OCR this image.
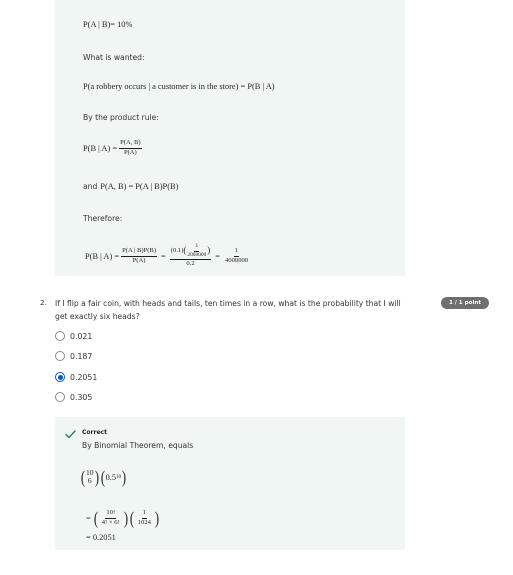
P(A | B)= 10%
What is wanted:
P(a robbery occurs | a customer is in the store) = P(B | A)
By the product rule:
P(B | $A) = \frac{P(A, B)}{P(A)}$
and P(A, B) = P(A | B)P(B)
Therefore:
P(B | $A) = \frac{P(A | B)P(B)}{P(A)}$ =
(0.1) ( $\frac{1}{2000000}$ )
0.2
= $\frac{1}{4000000}$
2. If I flip a fair coin, with heads and tails, ten times in a row, what is the probability that I will get exactly six heads?
1 / 1 point
0.021
0.187
0.2051
0.305
Correct
By Binomial Theorem, equals
( 10
6 ) ( 0.5 10 )
= ( $\frac{10!}{4! \times 6!}$ ) ( $\frac{1}{1024}$ )
= 0.2051
